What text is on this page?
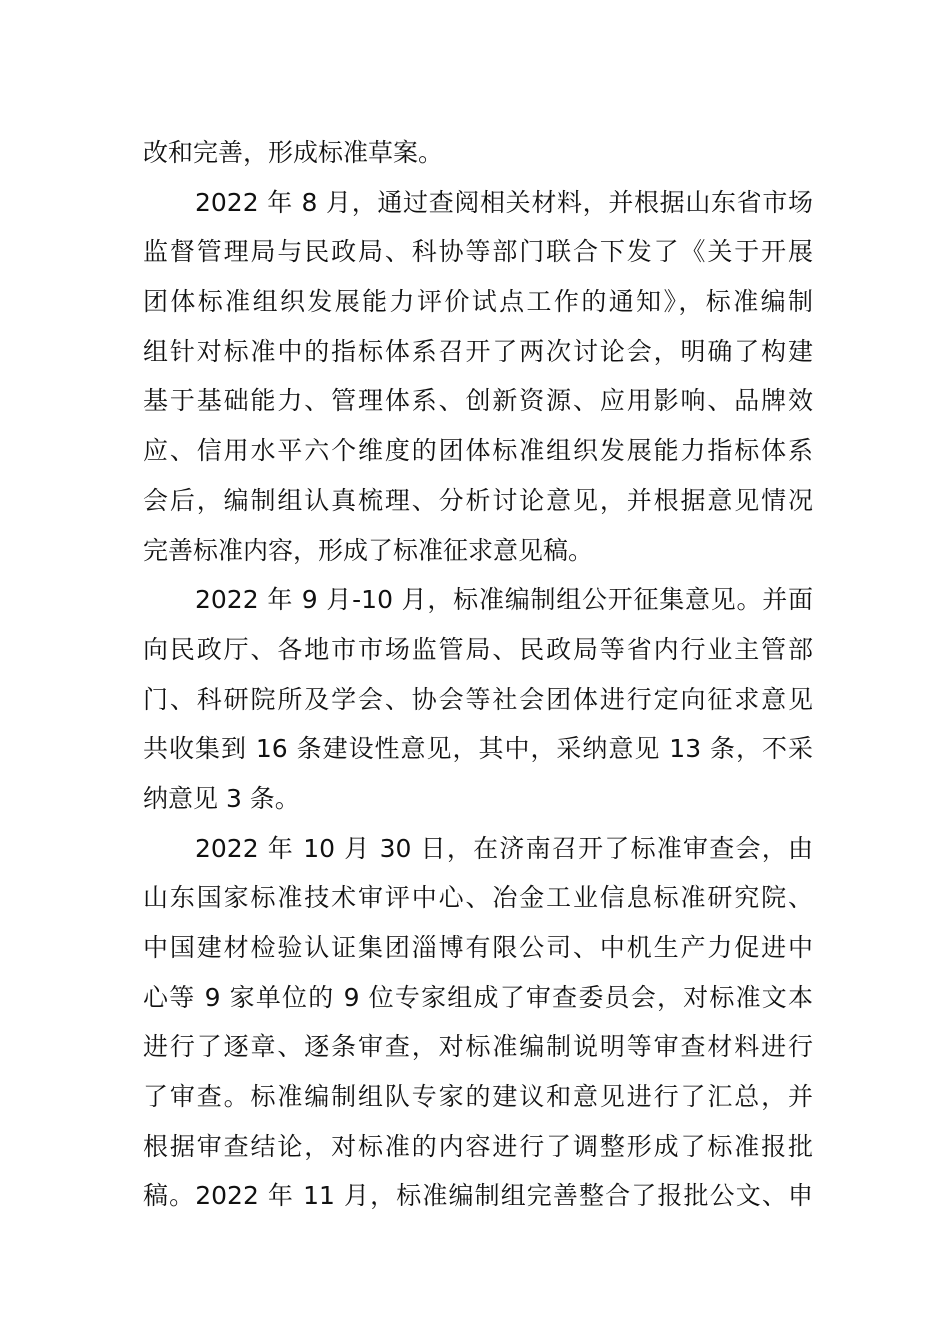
改和完善，形成标准草案。
2022 年 8 月，通过查阅相关材料，并根据山东省市场
监督管理局与民政局、科协等部门联合下发了《关于开展
团体标准组织发展能力评价试点工作的通知》，标准编制
组针对标准中的指标体系召开了两次讨论会，明确了构建
基于基础能力、管理体系、创新资源、应用影响、品牌效
应、信用水平六个维度的团体标准组织发展能力指标体系
会后，编制组认真梳理、分析讨论意见，并根据意见情况
完善标准内容，形成了标准征求意见稿。
2022 年 9 月-10 月，标准编制组公开征集意见。并面
向民政厅、各地市市场监管局、民政局等省内行业主管部
门、科研院所及学会、协会等社会团体进行定向征求意见
共收集到 16 条建设性意见，其中，采纳意见 13 条，不采
纳意见 3 条。
2022 年 10 月 30 日，在济南召开了标准审查会，由
山东国家标准技术审评中心、冶金工业信息标准研究院、
中国建材检验认证集团淄博有限公司、中机生产力促进中
心等 9 家单位的 9 位专家组成了审查委员会，对标准文本
进行了逐章、逐条审查，对标准编制说明等审查材料进行
了审查。标准编制组队专家的建议和意见进行了汇总，并
根据审查结论，对标准的内容进行了调整形成了标准报批
稿。2022 年 11 月，标准编制组完善整合了报批公文、申
